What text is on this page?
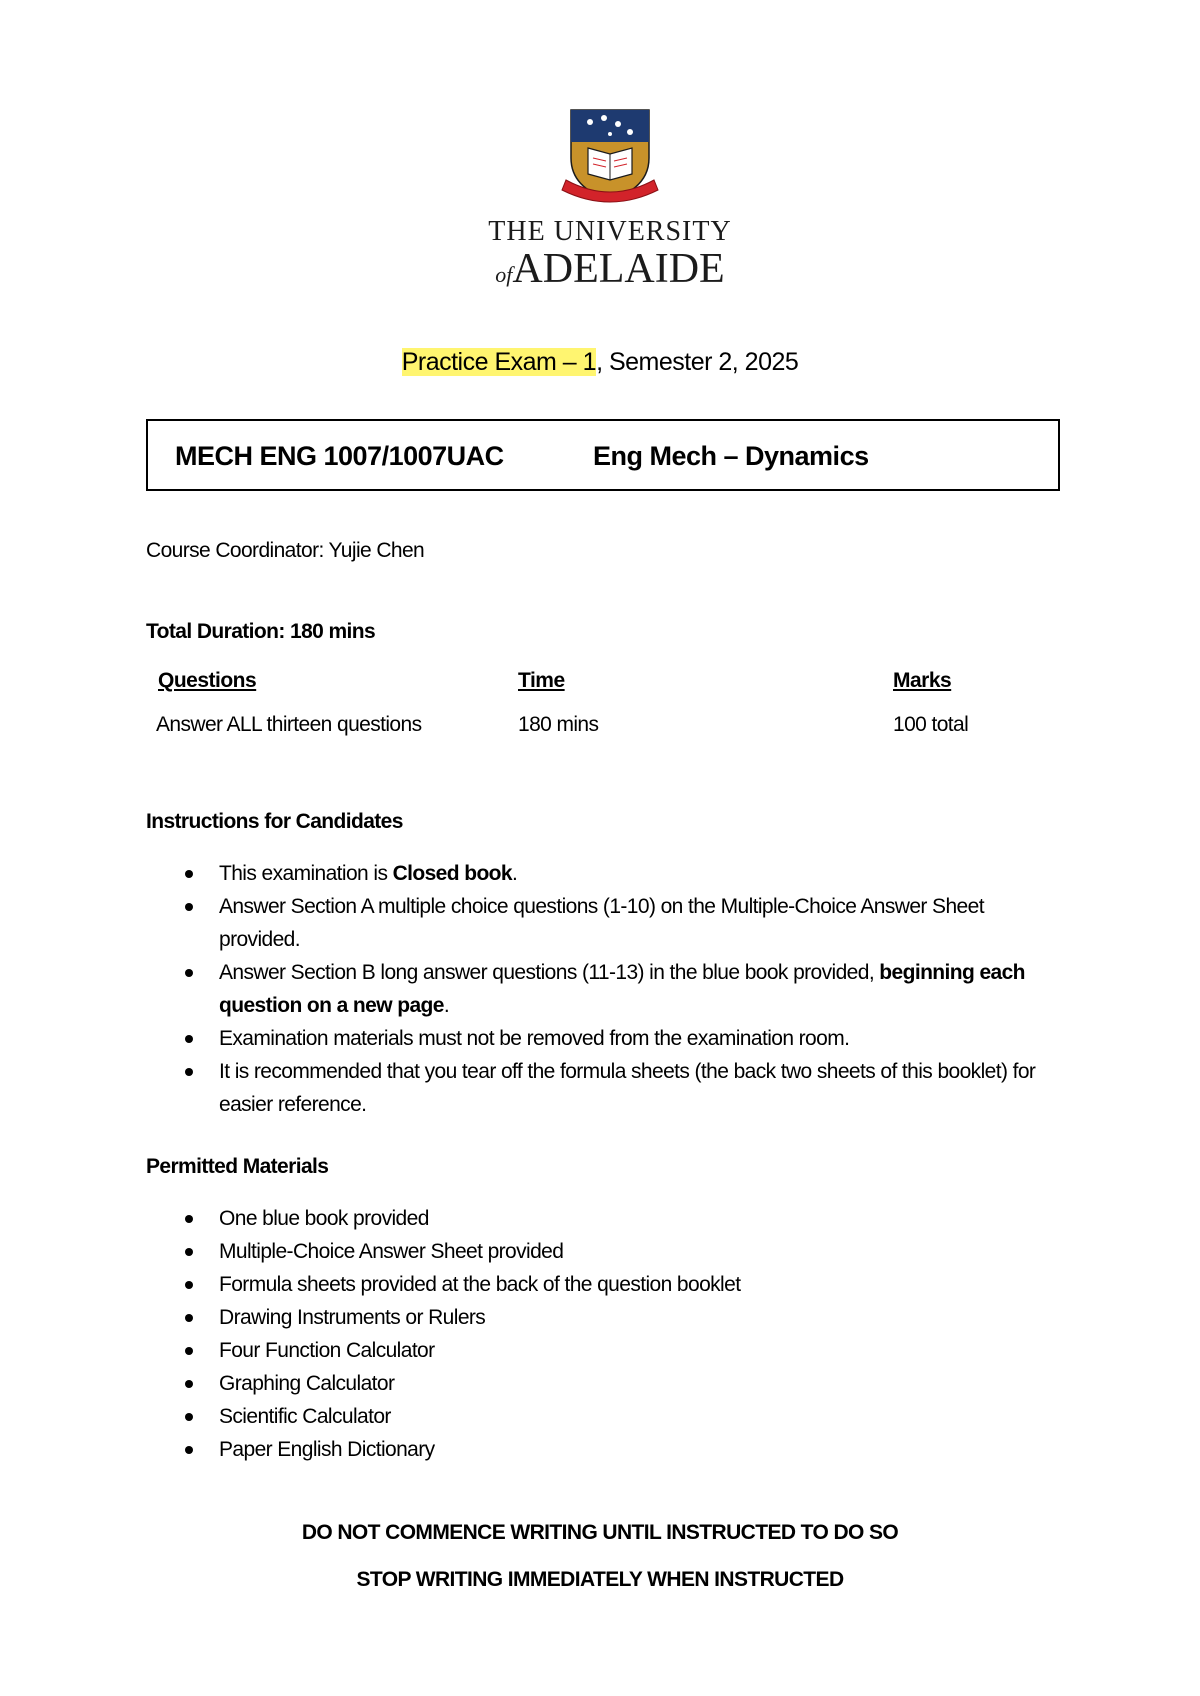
THE UNIVERSITY
ofADELAIDE
Practice Exam – 1, Semester 2, 2025
MECH ENG 1007/1007UAC	Eng Mech – Dynamics
Course Coordinator: Yujie Chen
Total Duration: 180 mins
Questions	Time	Marks
Answer ALL thirteen questions	180 mins	100 total
Instructions for Candidates
This examination is Closed book.
Answer Section A multiple choice questions (1-10) on the Multiple-Choice Answer Sheet provided.
Answer Section B long answer questions (11-13) in the blue book provided, beginning each question on a new page.
Examination materials must not be removed from the examination room.
It is recommended that you tear off the formula sheets (the back two sheets of this booklet) for easier reference.
Permitted Materials
One blue book provided
Multiple-Choice Answer Sheet provided
Formula sheets provided at the back of the question booklet
Drawing Instruments or Rulers
Four Function Calculator
Graphing Calculator
Scientific Calculator
Paper English Dictionary
DO NOT COMMENCE WRITING UNTIL INSTRUCTED TO DO SO
STOP WRITING IMMEDIATELY WHEN INSTRUCTED
